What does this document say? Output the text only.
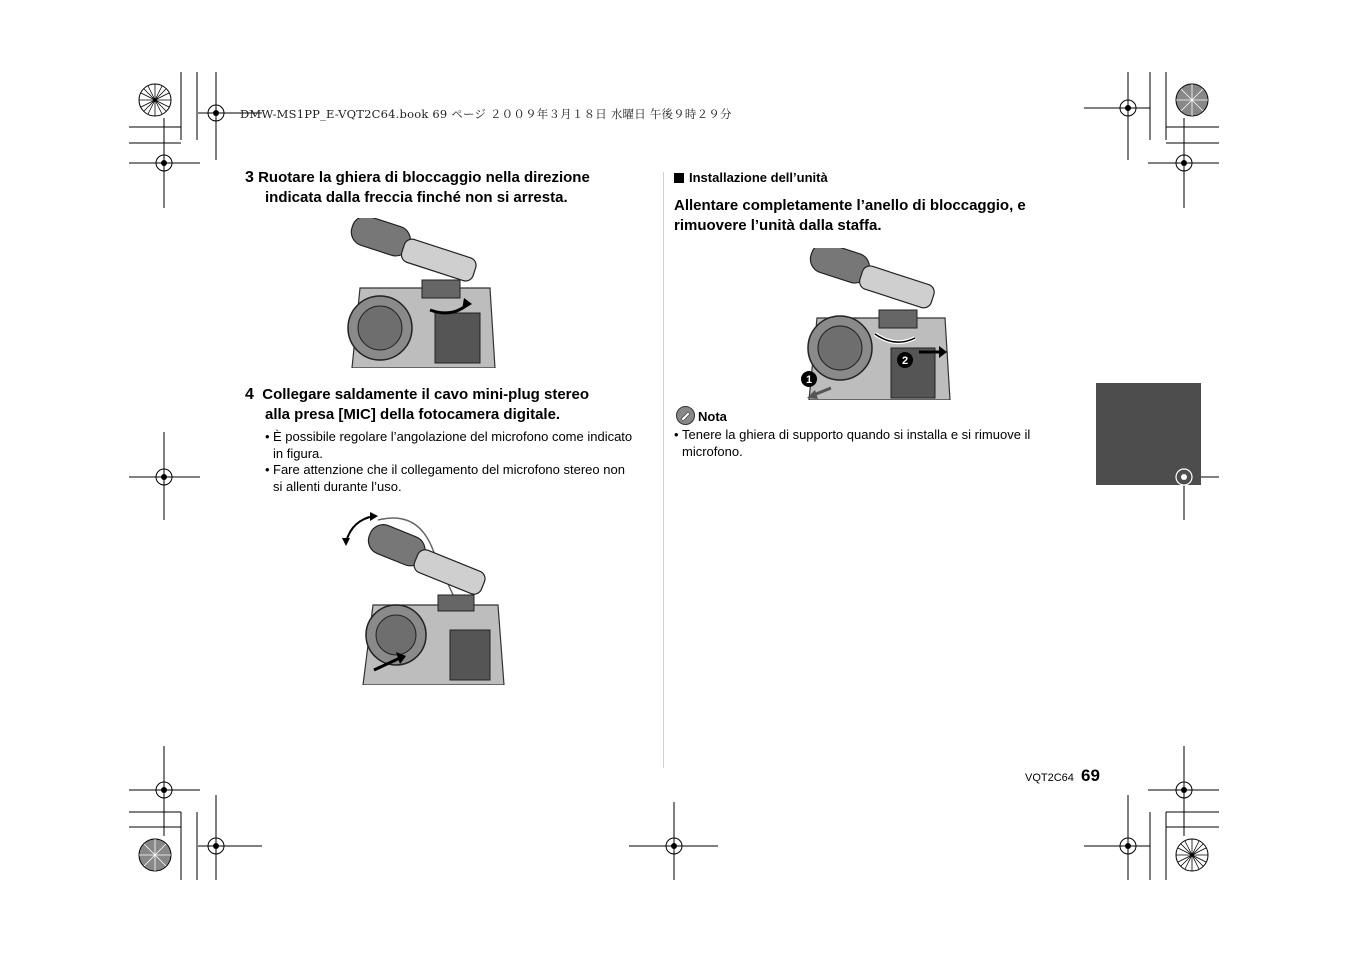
DMW-MS1PP_E-VQT2C64.book 69 ページ ２００９年３月１８日 水曜日 午後９時２９分
3 Ruotare la ghiera di bloccaggio nella direzione
indicata dalla freccia finché non si arresta.
4 Collegare saldamente il cavo mini-plug stereo
alla presa [MIC] della fotocamera digitale.
• È possibile regolare l’angolazione del microfono come indicato
in figura.
• Fare attenzione che il collegamento del microfono stereo non
si allenti durante l’uso.
Installazione dell’unità
Allentare completamente l’anello di bloccaggio, e
rimuovere l’unità dalla staffa.
1
2
Nota
• Tenere la ghiera di supporto quando si installa e si rimuove il
microfono.
VQT2C64 69
